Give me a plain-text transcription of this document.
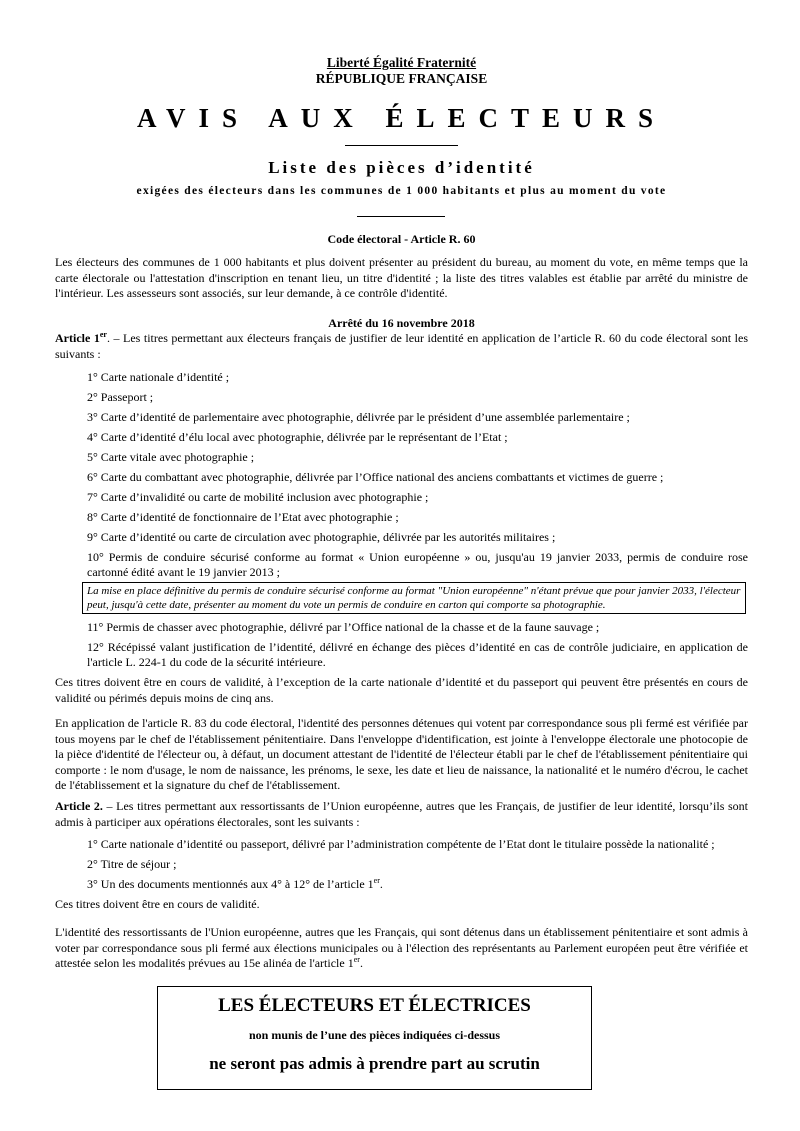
Liberté Égalité Fraternité
RÉPUBLIQUE FRANÇAISE
AVIS AUX ÉLECTEURS
Liste des pièces d’identité
exigées des électeurs dans les communes de 1 000 habitants et plus au moment du vote
Code électoral - Article R. 60
Les électeurs des communes de 1 000 habitants et plus doivent présenter au président du bureau, au moment du vote, en même temps que la carte électorale ou l'attestation d'inscription en tenant lieu, un titre d'identité ; la liste des titres valables est établie par arrêté du ministre de l'intérieur. Les assesseurs sont associés, sur leur demande, à ce contrôle d'identité.
Arrêté du 16 novembre 2018
Article 1er. – Les titres permettant aux électeurs français de justifier de leur identité en application de l’article R. 60 du code électoral sont les suivants :
1° Carte nationale d’identité ;
2° Passeport ;
3° Carte d’identité de parlementaire avec photographie, délivrée par le président d’une assemblée parlementaire ;
4° Carte d’identité d’élu local avec photographie, délivrée par le représentant de l’Etat ;
5° Carte vitale avec photographie ;
6° Carte du combattant avec photographie, délivrée par l’Office national des anciens combattants et victimes de guerre ;
7° Carte d’invalidité ou carte de mobilité inclusion avec photographie ;
8° Carte d’identité de fonctionnaire de l’Etat avec photographie ;
9° Carte d’identité ou carte de circulation avec photographie, délivrée par les autorités militaires ;
10° Permis de conduire sécurisé conforme au format « Union européenne » ou, jusqu'au 19 janvier 2033, permis de conduire rose cartonné édité avant le 19 janvier 2013 ;
La mise en place définitive du permis de conduire sécurisé conforme au format "Union européenne" n'étant prévue que pour janvier 2033, l'électeur peut, jusqu'à cette date, présenter au moment du vote un permis de conduire en carton qui comporte sa photographie.
11° Permis de chasser avec photographie, délivré par l’Office national de la chasse et de la faune sauvage ;
12° Récépissé valant justification de l’identité, délivré en échange des pièces d’identité en cas de contrôle judiciaire, en application de l'article L. 224-1 du code de la sécurité intérieure.
Ces titres doivent être en cours de validité, à l’exception de la carte nationale d’identité et du passeport qui peuvent être présentés en cours de validité ou périmés depuis moins de cinq ans.
En application de l'article R. 83 du code électoral, l'identité des personnes détenues qui votent par correspondance sous pli fermé est vérifiée par tous moyens par le chef de l'établissement pénitentiaire. Dans l'enveloppe d'identification, est jointe à l'enveloppe électorale une photocopie de la pièce d'identité de l'électeur ou, à défaut, un document attestant de l'identité de l'électeur établi par le chef de l'établissement pénitentiaire qui comporte : le nom d'usage, le nom de naissance, les prénoms, le sexe, les date et lieu de naissance, la nationalité et le numéro d'écrou, le cachet de l'établissement et la signature du chef de l'établissement.
Article 2. – Les titres permettant aux ressortissants de l’Union européenne, autres que les Français, de justifier de leur identité, lorsqu’ils sont admis à participer aux opérations électorales, sont les suivants :
1° Carte nationale d’identité ou passeport, délivré par l’administration compétente de l’Etat dont le titulaire possède la nationalité ;
2° Titre de séjour ;
3° Un des documents mentionnés aux 4° à 12° de l’article 1er.
Ces titres doivent être en cours de validité.
L'identité des ressortissants de l'Union européenne, autres que les Français, qui sont détenus dans un établissement pénitentiaire et sont admis à voter par correspondance sous pli fermé aux élections municipales ou à l'élection des représentants au Parlement européen peut être vérifiée et attestée selon les modalités prévues au 15e alinéa de l'article 1er.
LES ÉLECTEURS ET ÉLECTRICES
non munis de l’une des pièces indiquées ci-dessus
ne seront pas admis à prendre part au scrutin
